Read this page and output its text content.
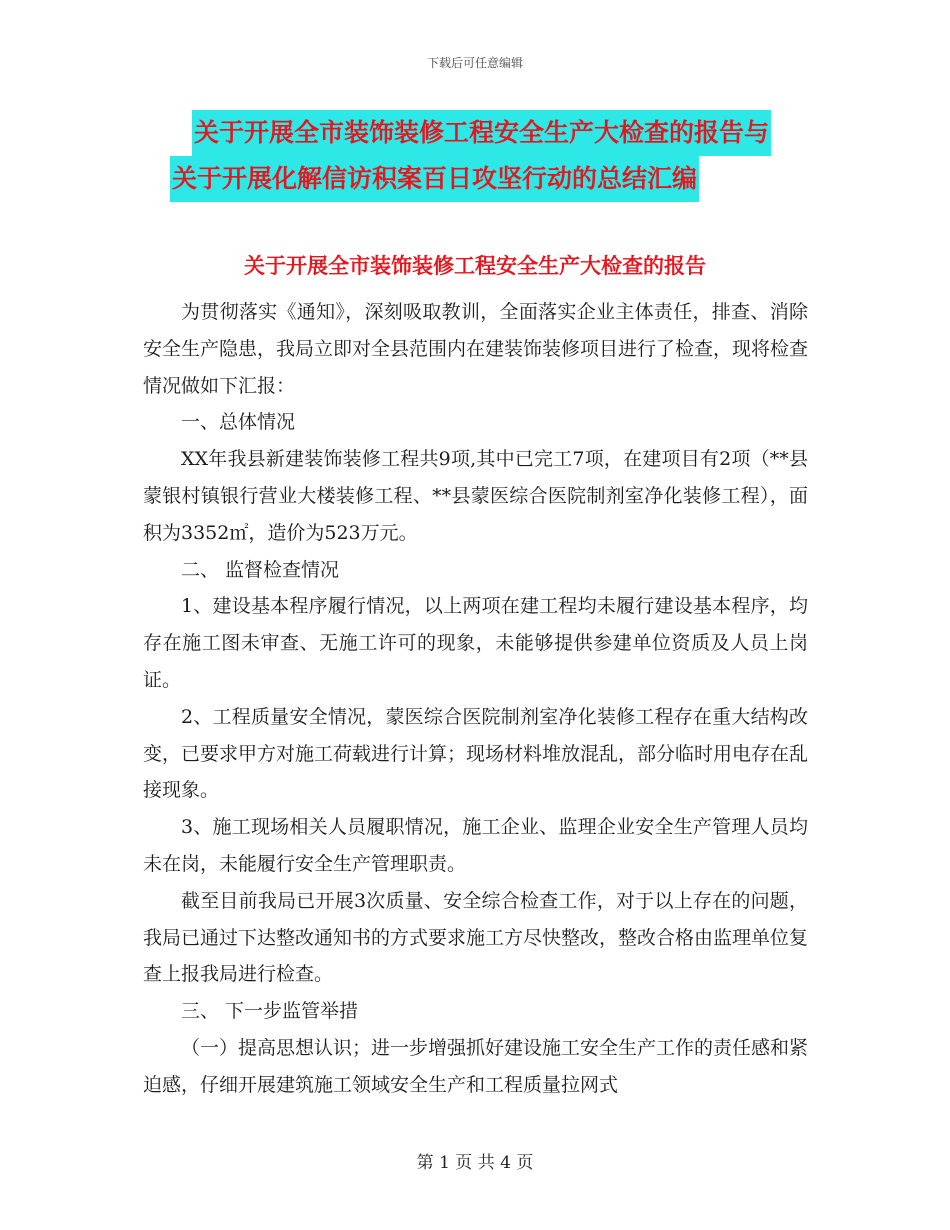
下载后可任意编辑
关于开展全市装饰装修工程安全生产大检查的报告与
关于开展化解信访积案百日攻坚行动的总结汇编
关于开展全市装饰装修工程安全生产大检查的报告

为贯彻落实《通知》，深刻吸取教训，全面落实企业主体责任，排查、消除安全生产隐患，我局立即对全县范围内在建装饰装修项目进行了检查，现将检查情况做如下汇报：

一、总体情况

XX年我县新建装饰装修工程共9项,其中已完工7项，在建项目有2项（**县蒙银村镇银行营业大楼装修工程、**县蒙医综合医院制剂室净化装修工程），面积为3352㎡，造价为523万元。

二、 监督检查情况

1、建设基本程序履行情况，以上两项在建工程均未履行建设基本程序，均存在施工图未审查、无施工许可的现象，未能够提供参建单位资质及人员上岗证。

2、工程质量安全情况，蒙医综合医院制剂室净化装修工程存在重大结构改变，已要求甲方对施工荷载进行计算；现场材料堆放混乱，部分临时用电存在乱接现象。

3、施工现场相关人员履职情况，施工企业、监理企业安全生产管理人员均未在岗，未能履行安全生产管理职责。

截至目前我局已开展3次质量、安全综合检查工作，对于以上存在的问题，我局已通过下达整改通知书的方式要求施工方尽快整改，整改合格由监理单位复查上报我局进行检查。

三、 下一步监管举措

（一）提高思想认识；进一步增强抓好建设施工安全生产工作的责任感和紧迫感，仔细开展建筑施工领域安全生产和工程质量拉网式

第 1 页 共 4 页
